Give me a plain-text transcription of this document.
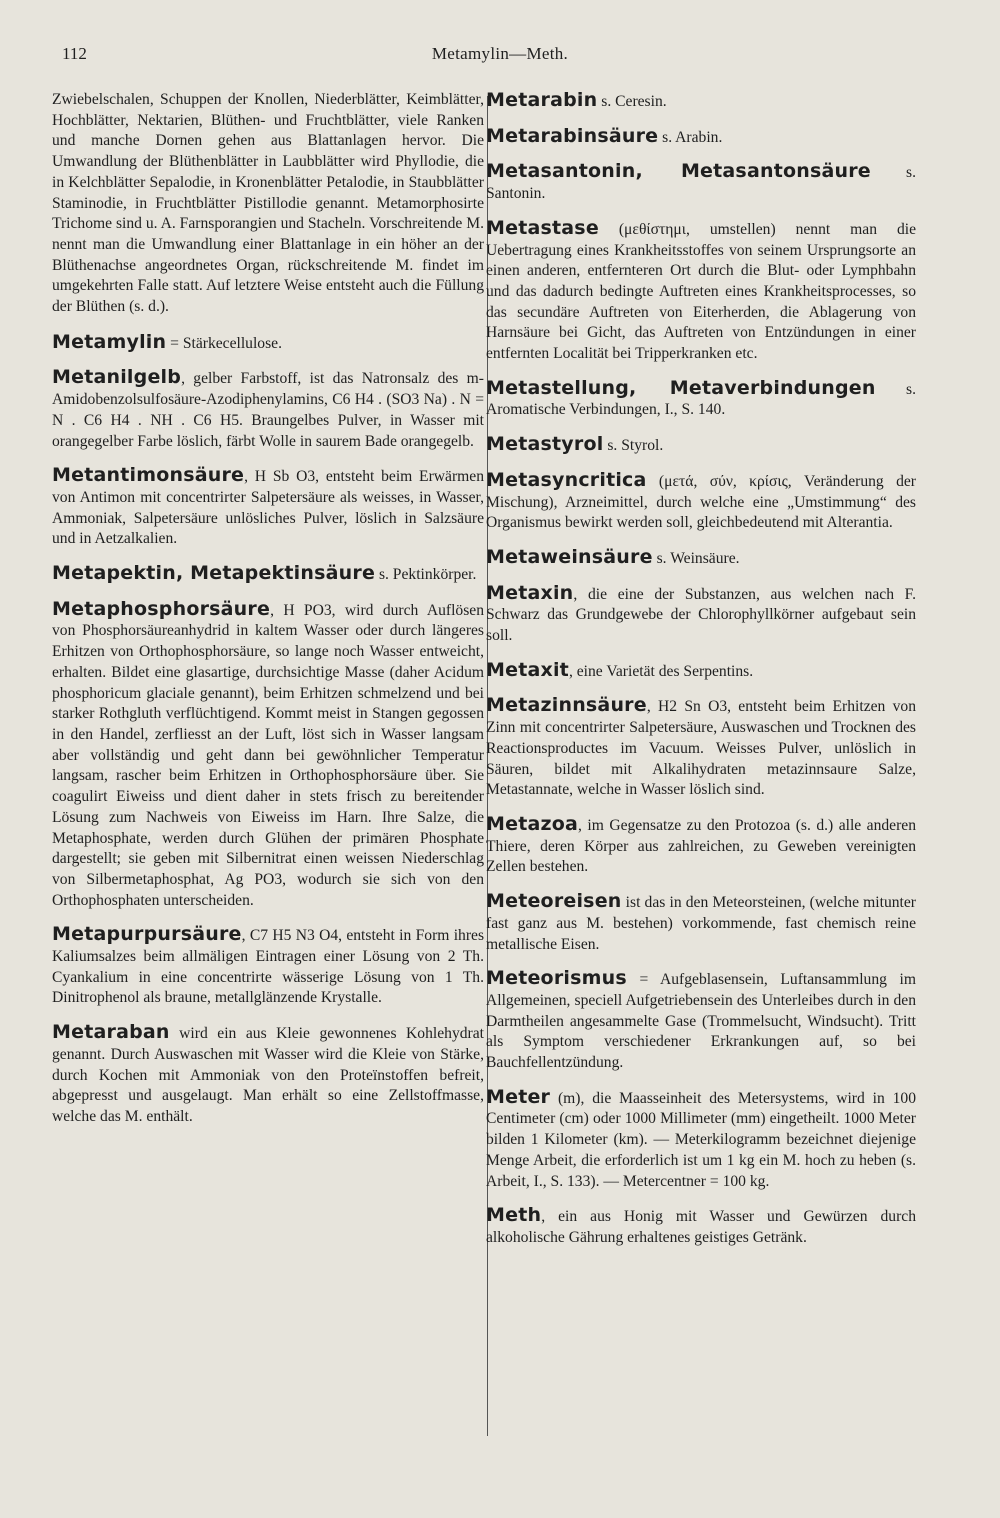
112	Metamylin—Meth.

Zwiebelschalen, Schuppen der Knollen, Niederblätter, Keimblätter, Hochblätter, Nektarien, Blüthen- und Fruchtblätter, viele Ranken und manche Dornen gehen aus Blattanlagen hervor. Die Umwandlung der Blüthenblätter in Laubblätter wird Phyllodie, die in Kelchblätter Sepalodie, in Kronenblätter Petalodie, in Staubblätter Staminodie, in Fruchtblätter Pistillodie genannt. Metamorphosirte Trichome sind u. A. Farnsporangien und Stacheln. Vorschreitende M. nennt man die Umwandlung einer Blattanlage in ein höher an der Blüthenachse angeordnetes Organ, rückschreitende M. findet im umgekehrten Falle statt. Auf letztere Weise entsteht auch die Füllung der Blüthen (s. d.).

Metamylin = Stärkecellulose.

Metanilgelb, gelber Farbstoff, ist das Natronsalz des m-Amidobenzolsulfosäure-Azodiphenylamins, C6 H4 . (SO3 Na) . N = N . C6 H4 . NH . C6 H5. Braungelbes Pulver, in Wasser mit orangegelber Farbe löslich, färbt Wolle in saurem Bade orangegelb.

Metantimonsäure, H Sb O3, entsteht beim Erwärmen von Antimon mit concentrirter Salpetersäure als weisses, in Wasser, Ammoniak, Salpetersäure unlösliches Pulver, löslich in Salzsäure und in Aetzalkalien.

Metapektin, Metapektinsäure s. Pektinkörper.

Metaphosphorsäure, H PO3, wird durch Auflösen von Phosphorsäureanhydrid in kaltem Wasser oder durch längeres Erhitzen von Orthophosphorsäure, so lange noch Wasser entweicht, erhalten. Bildet eine glasartige, durchsichtige Masse (daher Acidum phosphoricum glaciale genannt), beim Erhitzen schmelzend und bei starker Rothgluth verflüchtigend. Kommt meist in Stangen gegossen in den Handel, zerfliesst an der Luft, löst sich in Wasser langsam aber vollständig und geht dann bei gewöhnlicher Temperatur langsam, rascher beim Erhitzen in Orthophosphorsäure über. Sie coagulirt Eiweiss und dient daher in stets frisch zu bereitender Lösung zum Nachweis von Eiweiss im Harn. Ihre Salze, die Metaphosphate, werden durch Glühen der primären Phosphate dargestellt; sie geben mit Silbernitrat einen weissen Niederschlag von Silbermetaphosphat, Ag PO3, wodurch sie sich von den Orthophosphaten unterscheiden.

Metapurpursäure, C7 H5 N3 O4, entsteht in Form ihres Kaliumsalzes beim allmäligen Eintragen einer Lösung von 2 Th. Cyankalium in eine concentrirte wässerige Lösung von 1 Th. Dinitrophenol als braune, metallglänzende Krystalle.

Metaraban wird ein aus Kleie gewonnenes Kohlehydrat genannt. Durch Auswaschen mit Wasser wird die Kleie von Stärke, durch Kochen mit Ammoniak von den Proteïnstoffen befreit, abgepresst und ausgelaugt. Man erhält so eine Zellstoffmasse, welche das M. enthält.

Metarabin s. Ceresin.

Metarabinsäure s. Arabin.

Metasantonin, Metasantonsäure s. Santonin.

Metastase (μεθίστημι, umstellen) nennt man die Uebertragung eines Krankheitsstoffes von seinem Ursprungsorte an einen anderen, entfernteren Ort durch die Blut- oder Lymphbahn und das dadurch bedingte Auftreten eines Krankheitsprocesses, so das secundäre Auftreten von Eiterherden, die Ablagerung von Harnsäure bei Gicht, das Auftreten von Entzündungen in einer entfernten Localität bei Tripperkranken etc.

Metastellung, Metaverbindungen s. Aromatische Verbindungen, I., S. 140.

Metastyrol s. Styrol.

Metasyncritica (μετά, σύν, κρίσις, Veränderung der Mischung), Arzneimittel, durch welche eine „Umstimmung“ des Organismus bewirkt werden soll, gleichbedeutend mit Alterantia.

Metaweinsäure s. Weinsäure.

Metaxin, die eine der Substanzen, aus welchen nach F. Schwarz das Grundgewebe der Chlorophyllkörner aufgebaut sein soll.

Metaxit, eine Varietät des Serpentins.

Metazinnsäure, H2 Sn O3, entsteht beim Erhitzen von Zinn mit concentrirter Salpetersäure, Auswaschen und Trocknen des Reactionsproductes im Vacuum. Weisses Pulver, unlöslich in Säuren, bildet mit Alkalihydraten metazinnsaure Salze, Metastannate, welche in Wasser löslich sind.

Metazoa, im Gegensatze zu den Protozoa (s. d.) alle anderen Thiere, deren Körper aus zahlreichen, zu Geweben vereinigten Zellen bestehen.

Meteoreisen ist das in den Meteorsteinen, (welche mitunter fast ganz aus M. bestehen) vorkommende, fast chemisch reine metallische Eisen.

Meteorismus = Aufgeblasensein, Luftansammlung im Allgemeinen, speciell Aufgetriebensein des Unterleibes durch in den Darmtheilen angesammelte Gase (Trommelsucht, Windsucht). Tritt als Symptom verschiedener Erkrankungen auf, so bei Bauchfellentzündung.

Meter (m), die Maasseinheit des Metersystems, wird in 100 Centimeter (cm) oder 1000 Millimeter (mm) eingetheilt. 1000 Meter bilden 1 Kilometer (km). — Meterkilogramm bezeichnet diejenige Menge Arbeit, die erforderlich ist um 1 kg ein M. hoch zu heben (s. Arbeit, I., S. 133). — Metercentner = 100 kg.

Meth, ein aus Honig mit Wasser und Gewürzen durch alkoholische Gährung erhaltenes geistiges Getränk.
